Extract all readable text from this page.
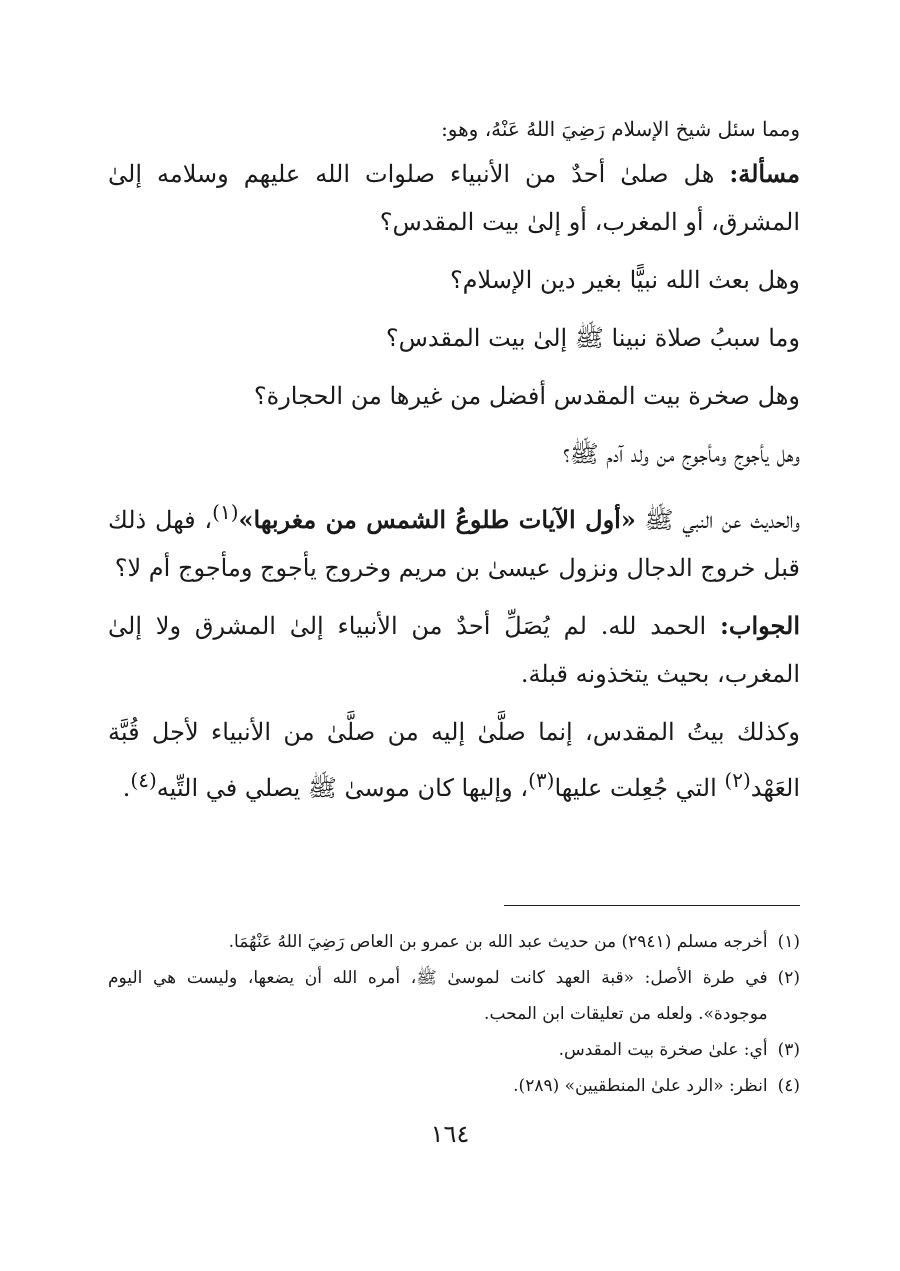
ومما سئل شيخ الإسلام رَضِيَ اللهُ عَنْهُ، وهو:

مسألة: هل صلىٰ أحدٌ من الأنبياء صلوات الله عليهم وسلامه إلىٰ المشرق، أو المغرب، أو إلىٰ بيت المقدس؟

وهل بعث الله نبيًّا بغير دين الإسلام؟

وما سببُ صلاة نبينا ﷺ إلىٰ بيت المقدس؟

وهل صخرة بيت المقدس أفضل من غيرها من الحجارة؟

وهل يأجوج ومأجوج من ولد آدم ﷺ؟

والحديث عن النبي ﷺ «أول الآيات طلوعُ الشمس من مغربها»$^{(١)}$، فهل ذلك قبل خروج الدجال ونزول عيسىٰ بن مريم وخروج يأجوج ومأجوج أم لا؟

الجواب: الحمد لله. لم يُصَلِّ أحدٌ من الأنبياء إلىٰ المشرق ولا إلىٰ المغرب، بحيث يتخذونه قبلة.

وكذلك بيتُ المقدس، إنما صلَّىٰ إليه من صلَّىٰ من الأنبياء لأجل قُبَّة العَهْد$^{(٢)}$ التي جُعِلت عليها$^{(٣)}$، وإليها كان موسىٰ ﷺ يصلي في التِّيه$^{(٤)}$.

(١)
أخرجه مسلم (٢٩٤١) من حديث عبد الله بن عمرو بن العاص رَضِيَ اللهُ عَنْهُمَا.
(٢)
في طرة الأصل: «قبة العهد كانت لموسىٰ ﷺ، أمره الله أن يضعها، وليست هي اليوم موجودة». ولعله من تعليقات ابن المحب.
(٣)
أي: علىٰ صخرة بيت المقدس.
(٤)
انظر: «الرد علىٰ المنطقيين» (٢٨٩).
١٦٤
